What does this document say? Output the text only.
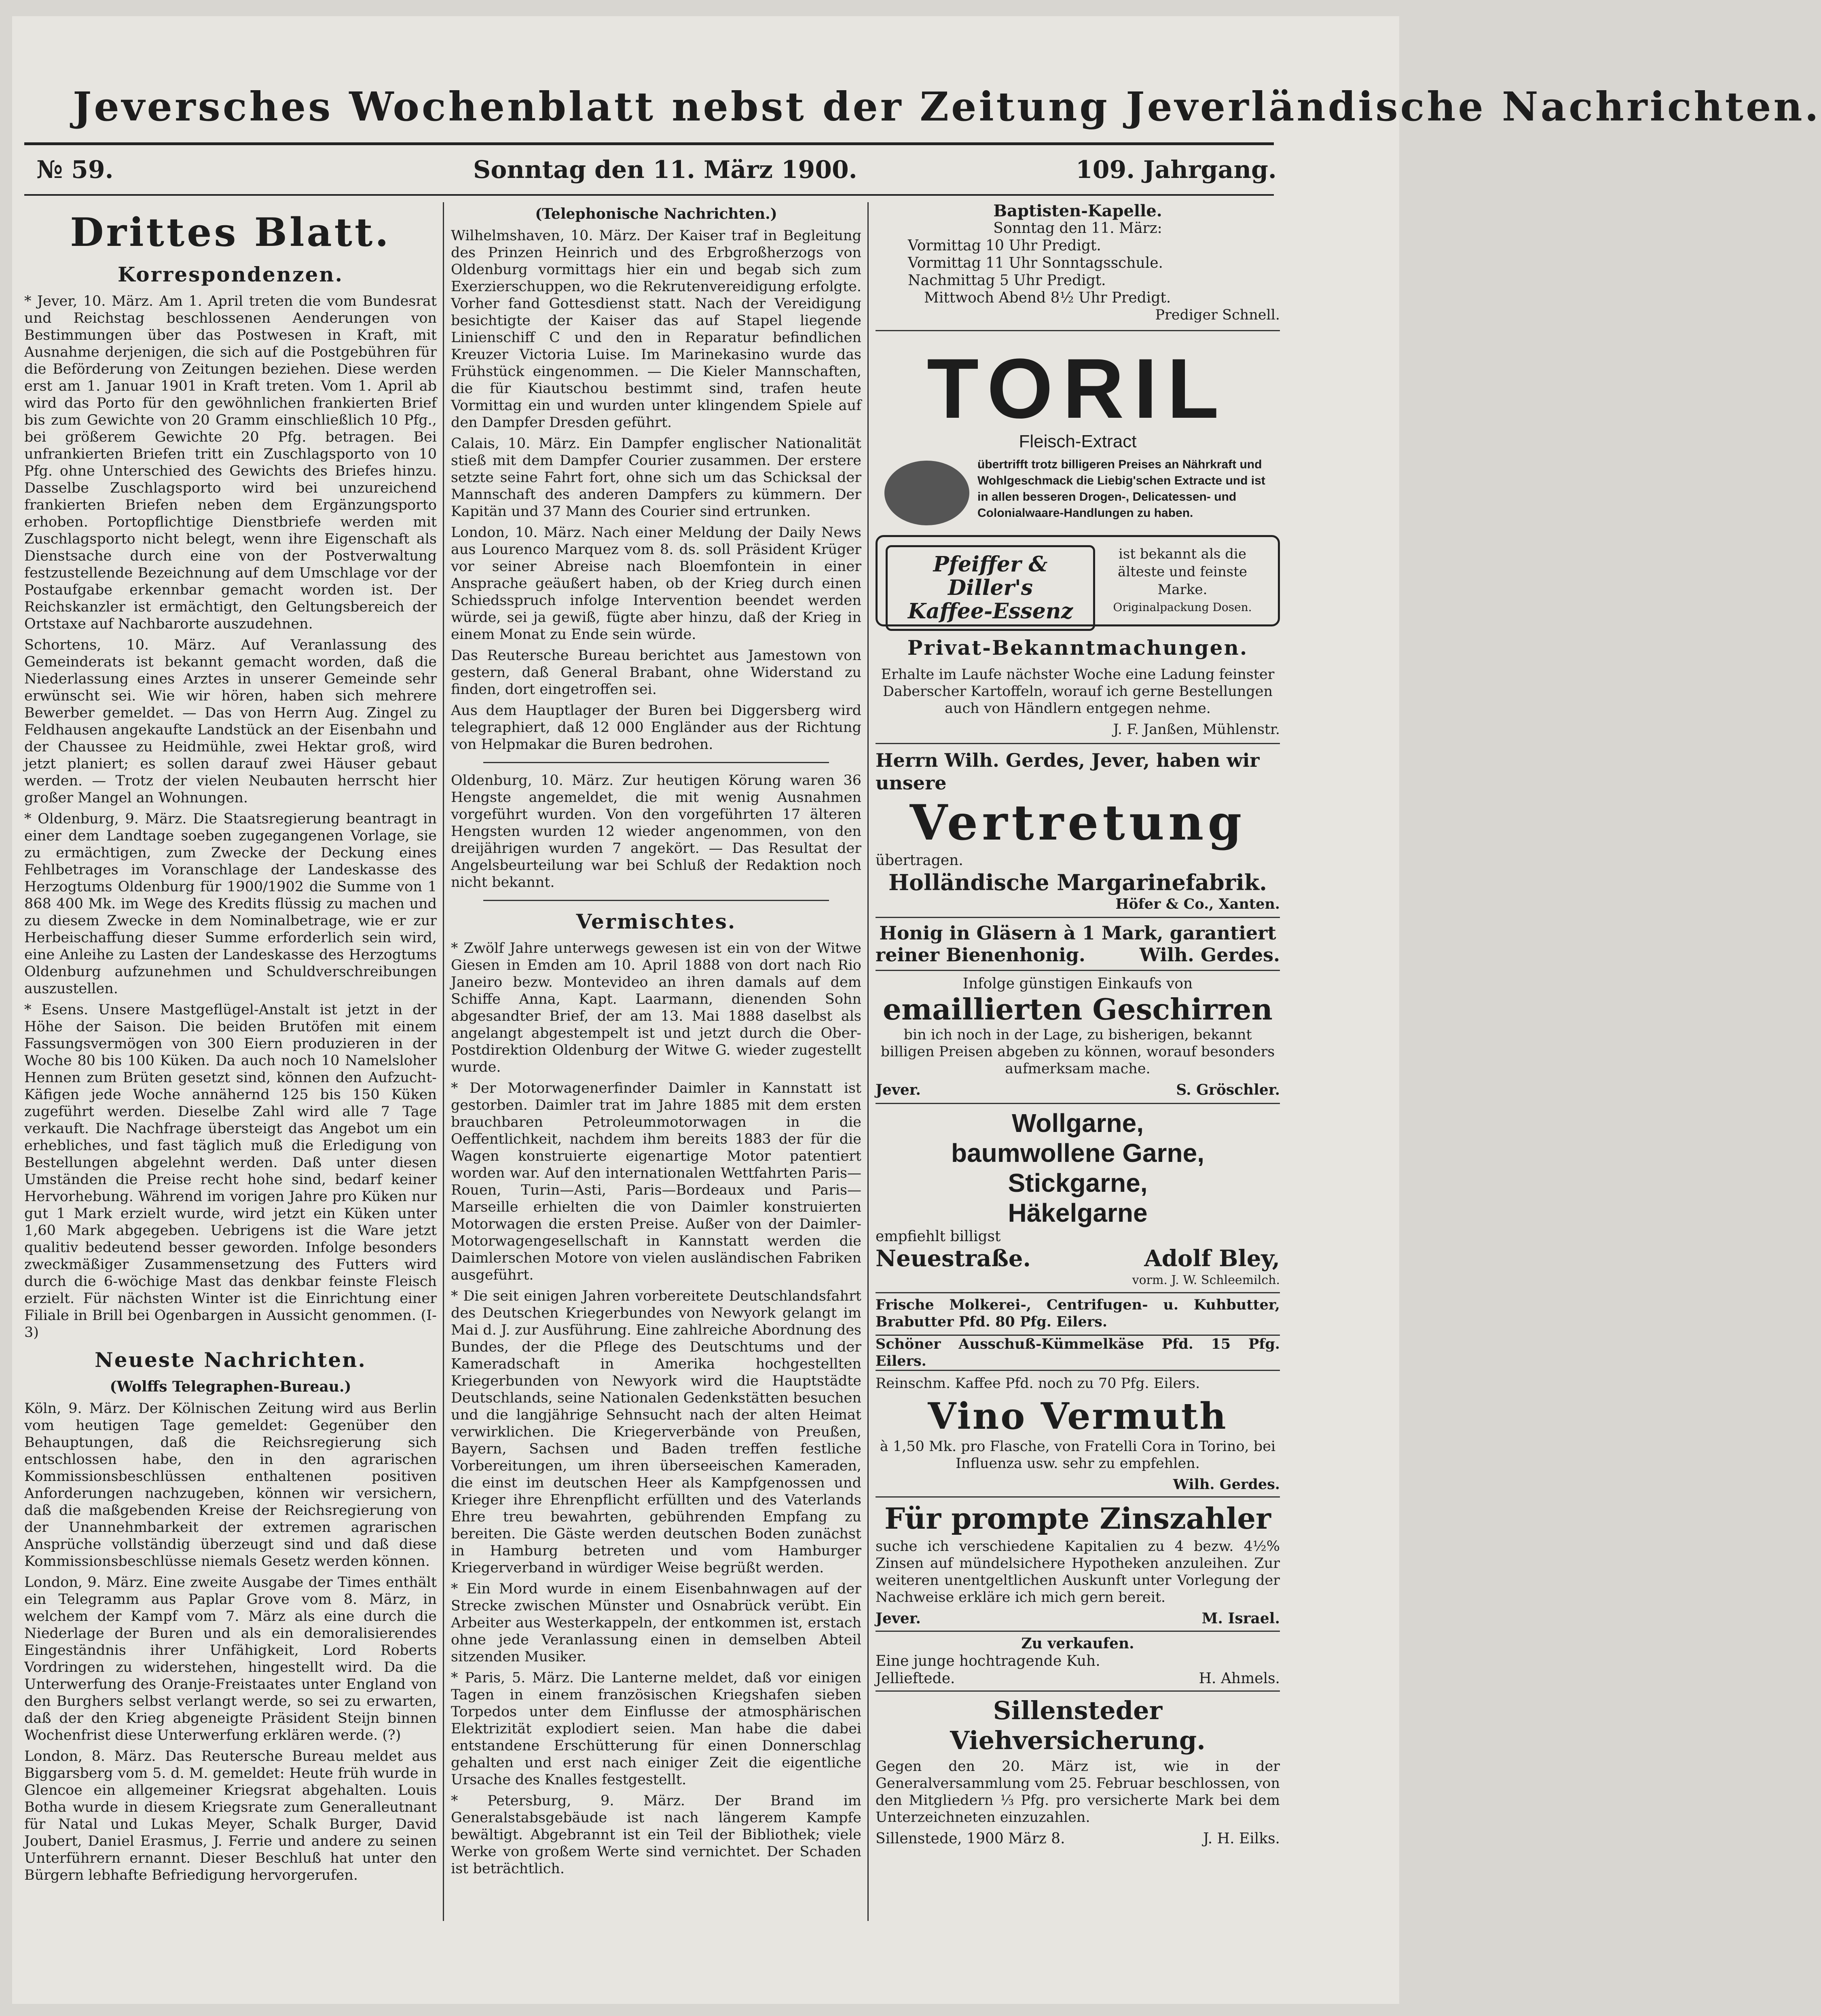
Jeversches Wochenblatt nebst der Zeitung Jeverländische Nachrichten.
№ 59.	Sonntag den 11. März 1900.	109. Jahrgang.
Drittes Blatt.
Korrespondenzen.

* Jever, 10. März. Am 1. April treten die vom Bundesrat und Reichstag beschlossenen Aenderungen von Bestimmungen über das Postwesen in Kraft, mit Ausnahme derjenigen, die sich auf die Postgebühren für die Beförderung von Zeitungen beziehen. Diese werden erst am 1. Januar 1901 in Kraft treten. Vom 1. April ab wird das Porto für den gewöhnlichen frankierten Brief bis zum Gewichte von 20 Gramm einschließlich 10 Pfg., bei größerem Gewichte 20 Pfg. betragen. Bei unfrankierten Briefen tritt ein Zuschlagsporto von 10 Pfg. ohne Unterschied des Gewichts des Briefes hinzu. Dasselbe Zuschlagsporto wird bei unzureichend frankierten Briefen neben dem Ergänzungsporto erhoben. Portopflichtige Dienstbriefe werden mit Zuschlagsporto nicht belegt, wenn ihre Eigenschaft als Dienstsache durch eine von der Postverwaltung festzustellende Bezeichnung auf dem Umschlage vor der Postaufgabe erkennbar gemacht worden ist. Der Reichskanzler ist ermächtigt, den Geltungsbereich der Ortstaxe auf Nachbarorte auszudehnen.

Schortens, 10. März. Auf Veranlassung des Gemeinderats ist bekannt gemacht worden, daß die Niederlassung eines Arztes in unserer Gemeinde sehr erwünscht sei. Wie wir hören, haben sich mehrere Bewerber gemeldet. — Das von Herrn Aug. Zingel zu Feldhausen angekaufte Landstück an der Eisenbahn und der Chaussee zu Heidmühle, zwei Hektar groß, wird jetzt planiert; es sollen darauf zwei Häuser gebaut werden. — Trotz der vielen Neubauten herrscht hier großer Mangel an Wohnungen.

* Oldenburg, 9. März. Die Staatsregierung beantragt in einer dem Landtage soeben zugegangenen Vorlage, sie zu ermächtigen, zum Zwecke der Deckung eines Fehlbetrages im Voranschlage der Landeskasse des Herzogtums Oldenburg für 1900/1902 die Summe von 1 868 400 Mk. im Wege des Kredits flüssig zu machen und zu diesem Zwecke in dem Nominalbetrage, wie er zur Herbeischaffung dieser Summe erforderlich sein wird, eine Anleihe zu Lasten der Landeskasse des Herzogtums Oldenburg aufzunehmen und Schuldverschreibungen auszustellen.

* Esens. Unsere Mastgeflügel-Anstalt ist jetzt in der Höhe der Saison. Die beiden Brutöfen mit einem Fassungsvermögen von 300 Eiern produzieren in der Woche 80 bis 100 Küken. Da auch noch 10 Namelsloher Hennen zum Brüten gesetzt sind, können den Aufzucht-Käfigen jede Woche annähernd 125 bis 150 Küken zugeführt werden. Dieselbe Zahl wird alle 7 Tage verkauft. Die Nachfrage übersteigt das Angebot um ein erhebliches, und fast täglich muß die Erledigung von Bestellungen abgelehnt werden. Daß unter diesen Umständen die Preise recht hohe sind, bedarf keiner Hervorhebung. Während im vorigen Jahre pro Küken nur gut 1 Mark erzielt wurde, wird jetzt ein Küken unter 1,60 Mark abgegeben. Uebrigens ist die Ware jetzt qualitiv bedeutend besser geworden. Infolge besonders zweckmäßiger Zusammensetzung des Futters wird durch die 6-wöchige Mast das denkbar feinste Fleisch erzielt. Für nächsten Winter ist die Einrichtung einer Filiale in Brill bei Ogenbargen in Aussicht genommen. (I-3)

Neueste Nachrichten.
(Wolffs Telegraphen-Bureau.)

Köln, 9. März. Der Kölnischen Zeitung wird aus Berlin vom heutigen Tage gemeldet: Gegenüber den Behauptungen, daß die Reichsregierung sich entschlossen habe, den in den agrarischen Kommissionsbeschlüssen enthaltenen positiven Anforderungen nachzugeben, können wir versichern, daß die maßgebenden Kreise der Reichsregierung von der Unannehmbarkeit der extremen agrarischen Ansprüche vollständig überzeugt sind und daß diese Kommissionsbeschlüsse niemals Gesetz werden können.

London, 9. März. Eine zweite Ausgabe der Times enthält ein Telegramm aus Paplar Grove vom 8. März, in welchem der Kampf vom 7. März als eine durch die Niederlage der Buren und als ein demoralisierendes Eingeständnis ihrer Unfähigkeit, Lord Roberts Vordringen zu widerstehen, hingestellt wird. Da die Unterwerfung des Oranje-Freistaates unter England von den Burghers selbst verlangt werde, so sei zu erwarten, daß der den Krieg abgeneigte Präsident Steijn binnen Wochenfrist diese Unterwerfung erklären werde. (?)

London, 8. März. Das Reutersche Bureau meldet aus Biggarsberg vom 5. d. M. gemeldet: Heute früh wurde in Glencoe ein allgemeiner Kriegsrat abgehalten. Louis Botha wurde in diesem Kriegsrate zum Generalleutnant für Natal und Lukas Meyer, Schalk Burger, David Joubert, Daniel Erasmus, J. Ferrie und andere zu seinen Unterführern ernannt. Dieser Beschluß hat unter den Bürgern lebhafte Befriedigung hervorgerufen.

(Telephonische Nachrichten.)

Wilhelmshaven, 10. März. Der Kaiser traf in Begleitung des Prinzen Heinrich und des Erbgroßherzogs von Oldenburg vormittags hier ein und begab sich zum Exerzierschuppen, wo die Rekrutenvereidigung erfolgte. Vorher fand Gottesdienst statt. Nach der Vereidigung besichtigte der Kaiser das auf Stapel liegende Linienschiff C und den in Reparatur befindlichen Kreuzer Victoria Luise. Im Marinekasino wurde das Frühstück eingenommen. — Die Kieler Mannschaften, die für Kiautschou bestimmt sind, trafen heute Vormittag ein und wurden unter klingendem Spiele auf den Dampfer Dresden geführt.

Calais, 10. März. Ein Dampfer englischer Nationalität stieß mit dem Dampfer Courier zusammen. Der erstere setzte seine Fahrt fort, ohne sich um das Schicksal der Mannschaft des anderen Dampfers zu kümmern. Der Kapitän und 37 Mann des Courier sind ertrunken.

London, 10. März. Nach einer Meldung der Daily News aus Lourenco Marquez vom 8. ds. soll Präsident Krüger vor seiner Abreise nach Bloemfontein in einer Ansprache geäußert haben, ob der Krieg durch einen Schiedsspruch infolge Intervention beendet werden würde, sei ja gewiß, fügte aber hinzu, daß der Krieg in einem Monat zu Ende sein würde.

Das Reutersche Bureau berichtet aus Jamestown von gestern, daß General Brabant, ohne Widerstand zu finden, dort eingetroffen sei.

Aus dem Hauptlager der Buren bei Diggersberg wird telegraphiert, daß 12 000 Engländer aus der Richtung von Helpmakar die Buren bedrohen.

Oldenburg, 10. März. Zur heutigen Körung waren 36 Hengste angemeldet, die mit wenig Ausnahmen vorgeführt wurden. Von den vorgeführten 17 älteren Hengsten wurden 12 wieder angenommen, von den dreijährigen wurden 7 angekört. — Das Resultat der Angelsbeurteilung war bei Schluß der Redaktion noch nicht bekannt.

Vermischtes.

* Zwölf Jahre unterwegs gewesen ist ein von der Witwe Giesen in Emden am 10. April 1888 von dort nach Rio Janeiro bezw. Montevideo an ihren damals auf dem Schiffe Anna, Kapt. Laarmann, dienenden Sohn abgesandter Brief, der am 13. Mai 1888 daselbst als angelangt abgestempelt ist und jetzt durch die Ober-Postdirektion Oldenburg der Witwe G. wieder zugestellt wurde.

* Der Motorwagenerfinder Daimler in Kannstatt ist gestorben. Daimler trat im Jahre 1885 mit dem ersten brauchbaren Petroleummotorwagen in die Oeffentlichkeit, nachdem ihm bereits 1883 der für die Wagen konstruierte eigenartige Motor patentiert worden war. Auf den internationalen Wettfahrten Paris—Rouen, Turin—Asti, Paris—Bordeaux und Paris—Marseille erhielten die von Daimler konstruierten Motorwagen die ersten Preise. Außer von der Daimler-Motorwagengesellschaft in Kannstatt werden die Daimlerschen Motore von vielen ausländischen Fabriken ausgeführt.

* Die seit einigen Jahren vorbereitete Deutschlandsfahrt des Deutschen Kriegerbundes von Newyork gelangt im Mai d. J. zur Ausführung. Eine zahlreiche Abordnung des Bundes, der die Pflege des Deutschtums und der Kameradschaft in Amerika hochgestellten Kriegerbunden von Newyork wird die Hauptstädte Deutschlands, seine Nationalen Gedenkstätten besuchen und die langjährige Sehnsucht nach der alten Heimat verwirklichen. Die Kriegerverbände von Preußen, Bayern, Sachsen und Baden treffen festliche Vorbereitungen, um ihren überseeischen Kameraden, die einst im deutschen Heer als Kampfgenossen und Krieger ihre Ehrenpflicht erfüllten und des Vaterlands Ehre treu bewahrten, gebührenden Empfang zu bereiten. Die Gäste werden deutschen Boden zunächst in Hamburg betreten und vom Hamburger Kriegerverband in würdiger Weise begrüßt werden.

* Ein Mord wurde in einem Eisenbahnwagen auf der Strecke zwischen Münster und Osnabrück verübt. Ein Arbeiter aus Westerkappeln, der entkommen ist, erstach ohne jede Veranlassung einen in demselben Abteil sitzenden Musiker.

* Paris, 5. März. Die Lanterne meldet, daß vor einigen Tagen in einem französischen Kriegshafen sieben Torpedos unter dem Einflusse der atmosphärischen Elektrizität explodiert seien. Man habe die dabei entstandene Erschütterung für einen Donnerschlag gehalten und erst nach einiger Zeit die eigentliche Ursache des Knalles festgestellt.

* Petersburg, 9. März. Der Brand im Generalstabsgebäude ist nach längerem Kampfe bewältigt. Abgebrannt ist ein Teil der Bibliothek; viele Werke von großem Werte sind vernichtet. Der Schaden ist beträchtlich.

Baptisten-Kapelle.
Sonntag den 11. März:
Vormittag 10 Uhr Predigt.
Vormittag 11 Uhr Sonntagsschule.
Nachmittag 5 Uhr Predigt.
Mittwoch Abend 8½ Uhr Predigt.
Prediger Schnell.
TORIL
Fleisch-Extract
übertrifft trotz billigeren Preises an Nährkraft und Wohlgeschmack die Liebig'schen Extracte und ist in allen besseren Drogen-, Delicatessen- und Colonialwaare-Handlungen zu haben.
Pfeiffer & Diller's
Kaffee-Essenz
ist bekannt als die
älteste und feinste
Marke.
Originalpackung Dosen.
Privat-Bekanntmachungen.

Erhalte im Laufe nächster Woche eine Ladung feinster Daberscher Kartoffeln, worauf ich gerne Bestellungen auch von Händlern entgegen nehme.

J. F. Janßen, Mühlenstr.
Herrn Wilh. Gerdes, Jever, haben wir unsere
Vertretung
übertragen.
Holländische Margarinefabrik.
Höfer & Co., Xanten.
Honig in Gläsern à 1 Mark, garantiert
reiner Bienenhonig.	Wilh. Gerdes.
Infolge günstigen Einkaufs von
emaillierten Geschirren

bin ich noch in der Lage, zu bisherigen, bekannt billigen Preisen abgeben zu können, worauf besonders aufmerksam mache.

Jever.	S. Gröschler.
Wollgarne,
baumwollene Garne,
Stickgarne,
Häkelgarne
empfiehlt billigst
Neuestraße.	Adolf Bley,
vorm. J. W. Schleemilch.

Frische Molkerei-, Centrifugen- u. Kuhbutter, Brabutter Pfd. 80 Pfg. Eilers.

Schöner Ausschuß-Kümmelkäse Pfd. 15 Pfg. Eilers.

Reinschm. Kaffee Pfd. noch zu 70 Pfg. Eilers.

Vino Vermuth

à 1,50 Mk. pro Flasche, von Fratelli Cora in Torino, bei Influenza usw. sehr zu empfehlen.

Wilh. Gerdes.
Für prompte Zinszahler

suche ich verschiedene Kapitalien zu 4 bezw. 4½% Zinsen auf mündelsichere Hypotheken anzuleihen. Zur weiteren unentgeltlichen Auskunft unter Vorlegung der Nachweise erkläre ich mich gern bereit.

Jever.	M. Israel.
Zu verkaufen.
Eine junge hochtragende Kuh.
Jellieftede.	H. Ahmels.
Sillensteder Viehversicherung.

Gegen den 20. März ist, wie in der Generalversammlung vom 25. Februar beschlossen, von den Mitgliedern ⅓ Pfg. pro versicherte Mark bei dem Unterzeichneten einzuzahlen.

Sillenstede, 1900 März 8.	J. H. Eilks.
